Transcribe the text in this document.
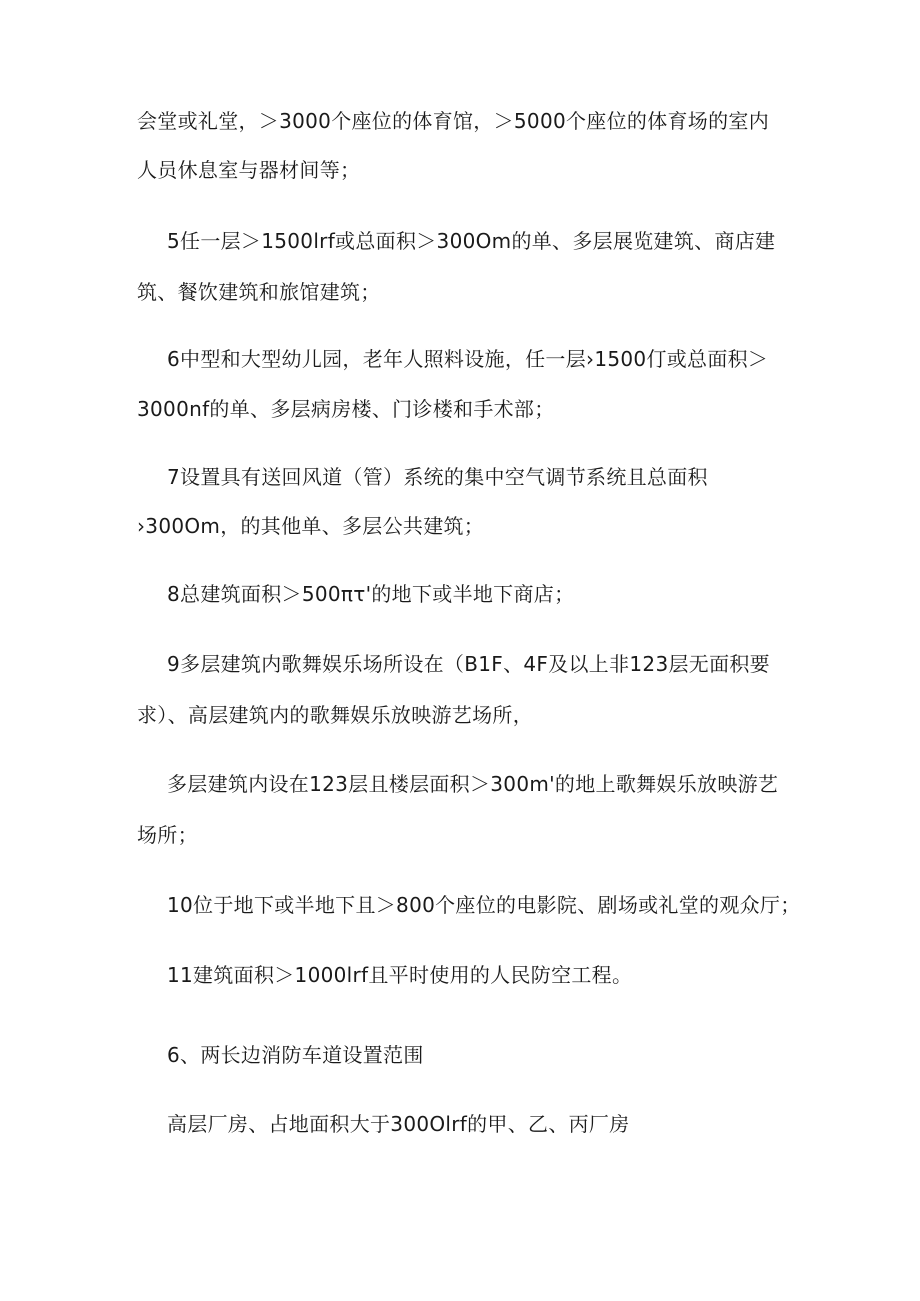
会堂或礼堂，＞3000个座位的体育馆，＞5000个座位的体育场的室内
人员休息室与器材间等；
5任一层＞1500lrf或总面积＞300Om的单、多层展览建筑、商店建
筑、餐饮建筑和旅馆建筑；
6中型和大型幼儿园，老年人照料设施，任一层›1500仃或总面积＞
3000nf的单、多层病房楼、门诊楼和手术部；
7设置具有送回风道（管）系统的集中空气调节系统且总面积
›300Om，的其他单、多层公共建筑；
8总建筑面积＞500πτ'的地下或半地下商店；
9多层建筑内歌舞娱乐场所设在（B1F、4F及以上非123层无面积要
求）、高层建筑内的歌舞娱乐放映游艺场所，
多层建筑内设在123层且楼层面积＞300m'的地上歌舞娱乐放映游艺
场所；
10位于地下或半地下且＞800个座位的电影院、剧场或礼堂的观众厅；
11建筑面积＞1000lrf且平时使用的人民防空工程。
6、两长边消防车道设置范围
高层厂房、占地面积大于300Olrf的甲、乙、丙厂房
